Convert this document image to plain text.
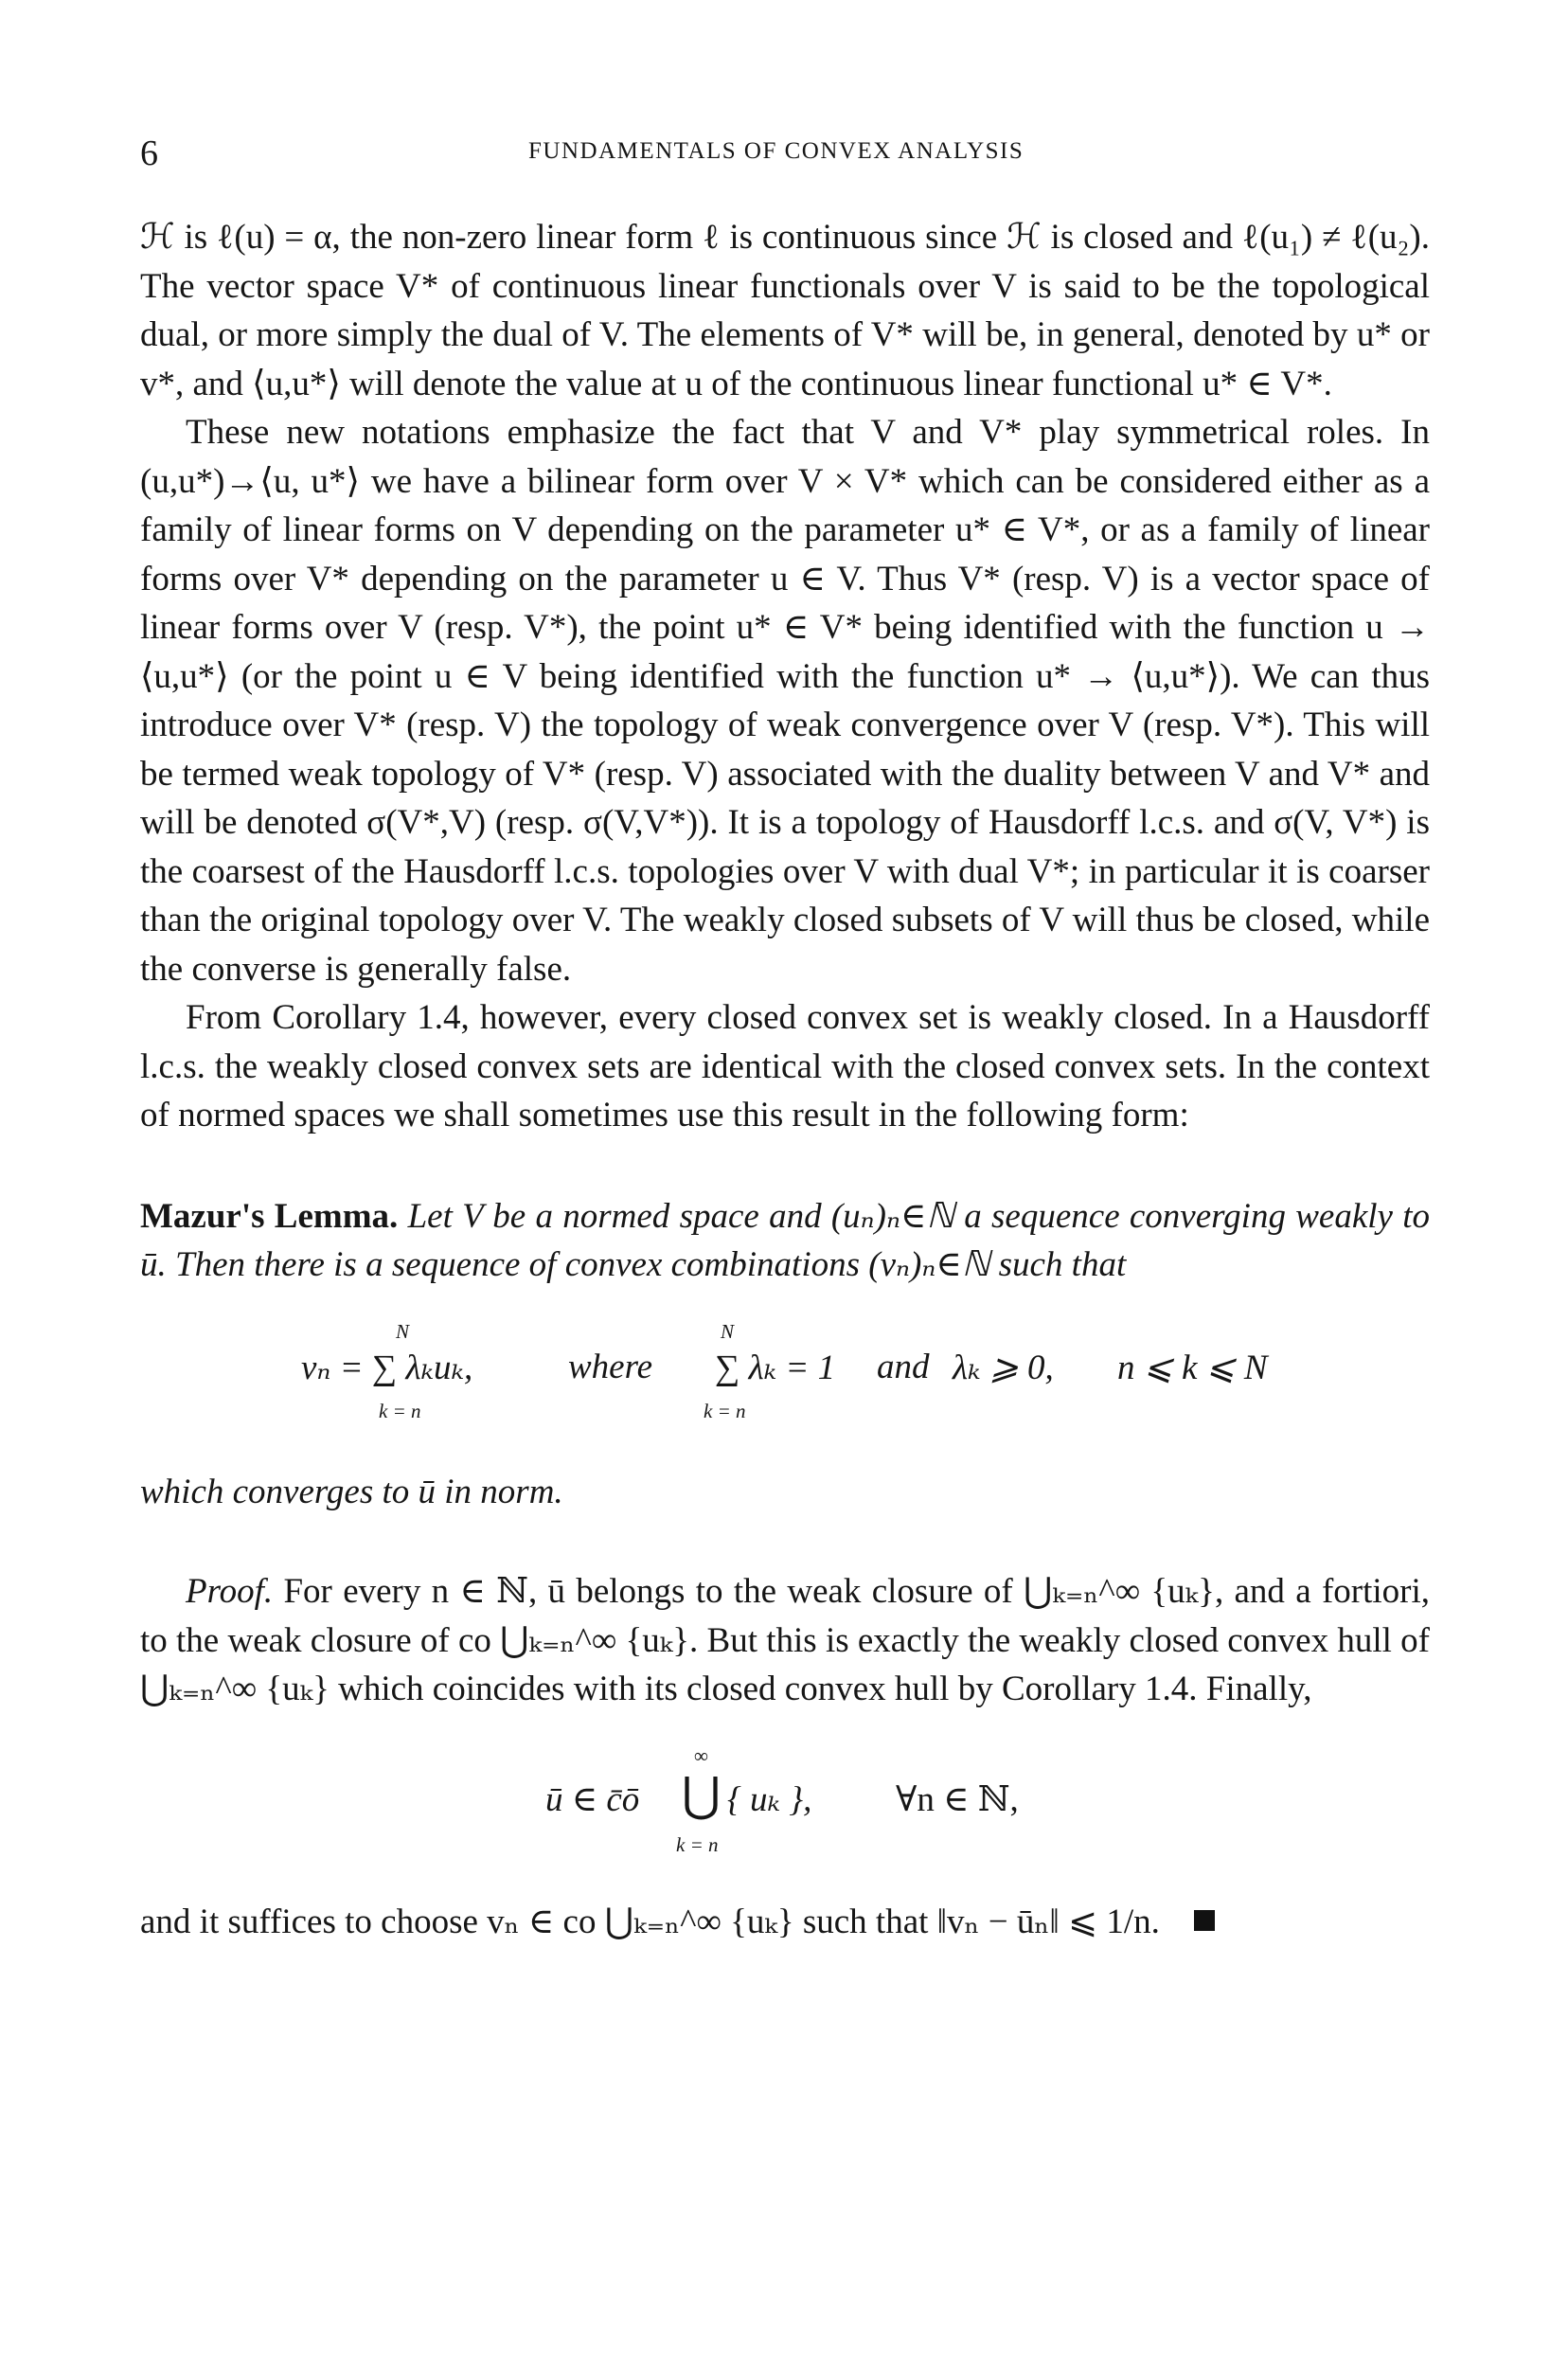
6	FUNDAMENTALS OF CONVEX ANALYSIS

ℋ is ℓ(u) = α, the non-zero linear form ℓ is continuous since ℋ is closed and ℓ(u₁) ≠ ℓ(u₂). The vector space V* of continuous linear functionals over V is said to be the topological dual, or more simply the dual of V. The elements of V* will be, in general, denoted by u* or v*, and ⟨u,u*⟩ will denote the value at u of the continuous linear functional u* ∈ V*.

These new notations emphasize the fact that V and V* play symmetrical roles. In (u,u*)→⟨u, u*⟩ we have a bilinear form over V × V* which can be considered either as a family of linear forms on V depending on the parameter u* ∈ V*, or as a family of linear forms over V* depending on the parameter u ∈ V. Thus V* (resp. V) is a vector space of linear forms over V (resp. V*), the point u* ∈ V* being identified with the function u → ⟨u,u*⟩ (or the point u ∈ V being identified with the function u* → ⟨u,u*⟩). We can thus introduce over V* (resp. V) the topology of weak convergence over V (resp. V*). This will be termed weak topology of V* (resp. V) associated with the duality between V and V* and will be denoted σ(V*,V) (resp. σ(V,V*)). It is a topology of Hausdorff l.c.s. and σ(V, V*) is the coarsest of the Hausdorff l.c.s. topologies over V with dual V*; in particular it is coarser than the original topology over V. The weakly closed subsets of V will thus be closed, while the converse is generally false.

From Corollary 1.4, however, every closed convex set is weakly closed. In a Hausdorff l.c.s. the weakly closed convex sets are identical with the closed convex sets. In the context of normed spaces we shall sometimes use this result in the following form:

Mazur's Lemma. Let V be a normed space and (uₙ)ₙ∈ℕ a sequence converging weakly to ū. Then there is a sequence of convex combinations (vₙ)ₙ∈ℕ such that

N
vₙ = ∑ λₖuₖ,
k = n
where
N
∑ λₖ = 1
k = n
and λₖ ⩾ 0, n ⩽ k ⩽ N

which converges to ū in norm.

Proof. For every n ∈ ℕ, ū belongs to the weak closure of ⋃ₖ₌ₙ^∞ {uₖ}, and a fortiori, to the weak closure of co ⋃ₖ₌ₙ^∞ {uₖ}. But this is exactly the weakly closed convex hull of ⋃ₖ₌ₙ^∞ {uₖ} which coincides with its closed convex hull by Corollary 1.4. Finally,

∞
ū ∈ c̄ō ⋃ { uₖ },
k = n
∀n ∈ ℕ,

and it suffices to choose vₙ ∈ co ⋃ₖ₌ₙ^∞ {uₖ} such that ‖vₙ − ūₙ‖ ⩽ 1/n.
